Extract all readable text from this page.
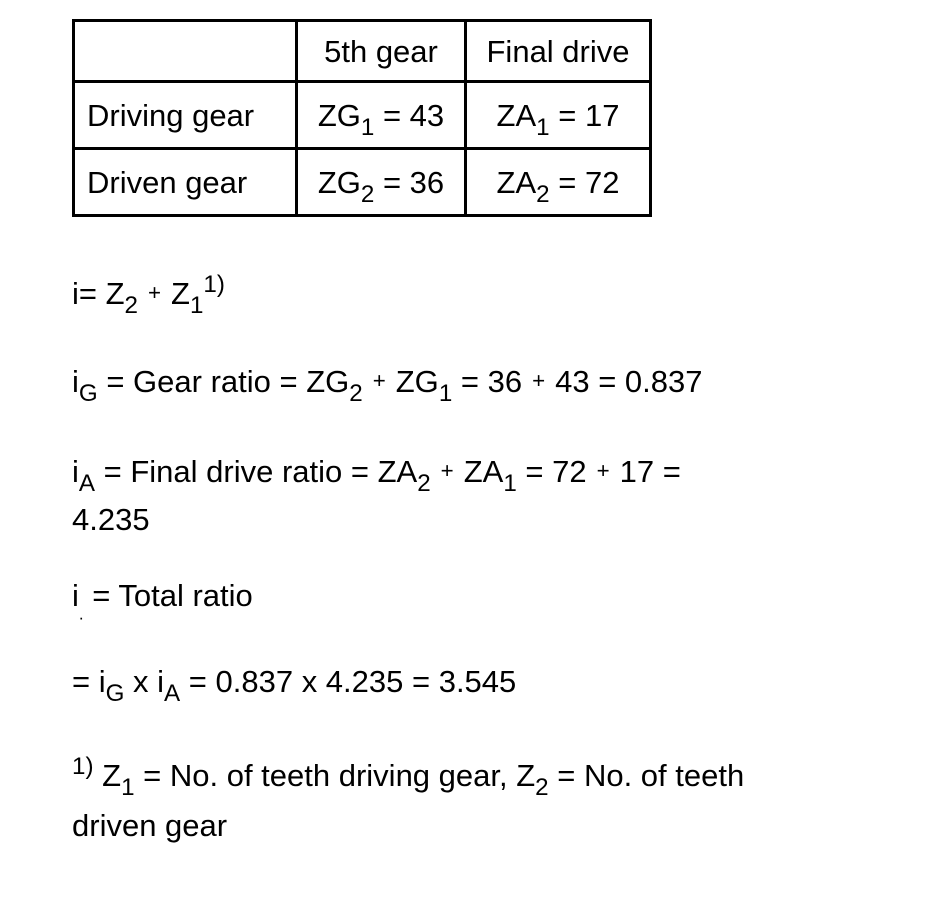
	5th gear	Final drive
Driving gear	$ZG_1 = 43$	$ZA_1 = 17$
Driven gear	$ZG_2 = 36$	$ZA_2 = 72$
$i= Z_2 + Z_1^{1)}$
$i_G$ = Gear ratio = $ZG_2 + ZG_1 = 36 + 43 = 0.837$
$i_A$ = Final drive ratio = $ZA_2 + ZA_1 = 72 + 17$ =
4.235
$i_.$ = Total ratio
= $i_G$ x $i_A = 0.837$ x 4.235 = 3.545
$^{1)}$ $Z_1 = No$. of teeth driving gear, $Z_2 = No$. of teeth
driven gear
